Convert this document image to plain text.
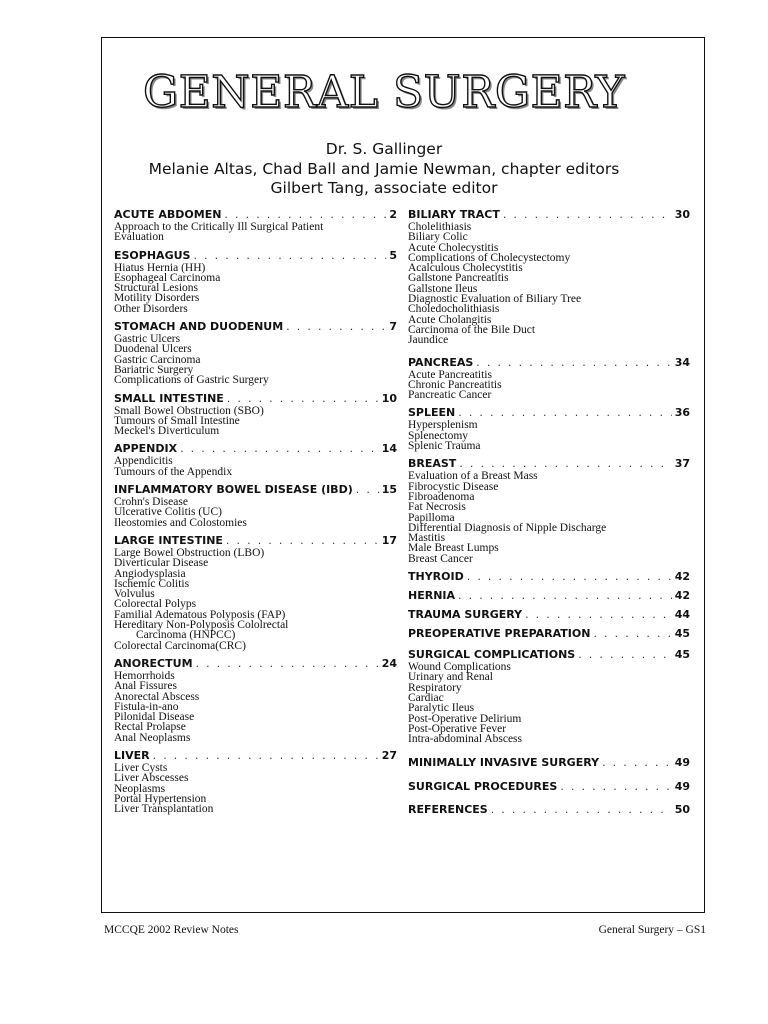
GENERAL SURGERY
Dr. S. Gallinger
Melanie Altas, Chad Ball and Jamie Newman, chapter editors
Gilbert Tang, associate editor
ACUTE ABDOMEN . . .	2
Approach to the Critically Ill Surgical Patient
Evaluation
ESOPHAGUS . . .	5
Hiatus Hernia (HH)
Esophageal Carcinoma
Structural Lesions
Motility Disorders
Other Disorders
STOMACH AND DUODENUM . . .	7
Gastric Ulcers
Duodenal Ulcers
Gastric Carcinoma
Bariatric Surgery
Complications of Gastric Surgery
SMALL INTESTINE . . .	10
Small Bowel Obstruction (SBO)
Tumours of Small Intestine
Meckel's Diverticulum
APPENDIX . . .	14
Appendicitis
Tumours of the Appendix
INFLAMMATORY BOWEL DISEASE (IBD) . . .	15
Crohn's Disease
Ulcerative Colitis (UC)
Ileostomies and Colostomies
LARGE INTESTINE . . .	17
Large Bowel Obstruction (LBO)
Diverticular Disease
Angiodysplasia
Ischemic Colitis
Volvulus
Colorectal Polyps
Familial Adematous Polyposis (FAP)
Hereditary Non-Polyposis Cololrectal
Carcinoma (HNPCC)
Colorectal Carcinoma(CRC)
ANORECTUM . . .	24
Hemorrhoids
Anal Fissures
Anorectal Abscess
Fistula-in-ano
Pilonidal Disease
Rectal Prolapse
Anal Neoplasms
LIVER . . .	27
Liver Cysts
Liver Abscesses
Neoplasms
Portal Hypertension
Liver Transplantation
BILIARY TRACT . . .	30
Cholelithiasis
Biliary Colic
Acute Cholecystitis
Complications of Cholecystectomy
Acalculous Cholecystitis
Gallstone Pancreatitis
Gallstone Ileus
Diagnostic Evaluation of Biliary Tree
Choledocholithiasis
Acute Cholangitis
Carcinoma of the Bile Duct
Jaundice
PANCREAS . . .	34
Acute Pancreatitis
Chronic Pancreatitis
Pancreatic Cancer
SPLEEN . . .	36
Hypersplenism
Splenectomy
Splenic Trauma
BREAST . . .	37
Evaluation of a Breast Mass
Fibrocystic Disease
Fibroadenoma
Fat Necrosis
Papilloma
Differential Diagnosis of Nipple Discharge
Mastitis
Male Breast Lumps
Breast Cancer
THYROID . . .	42
HERNIA . . .	42
TRAUMA SURGERY . . .	44
PREOPERATIVE PREPARATION . . .	45
SURGICAL COMPLICATIONS . . .	45
Wound Complications
Urinary and Renal
Respiratory
Cardiac
Paralytic Ileus
Post-Operative Delirium
Post-Operative Fever
Intra-abdominal Abscess
MINIMALLY INVASIVE SURGERY . . .	49
SURGICAL PROCEDURES . . .	49
REFERENCES . . .	50
MCCQE 2002 Review Notes	General Surgery – GS1
